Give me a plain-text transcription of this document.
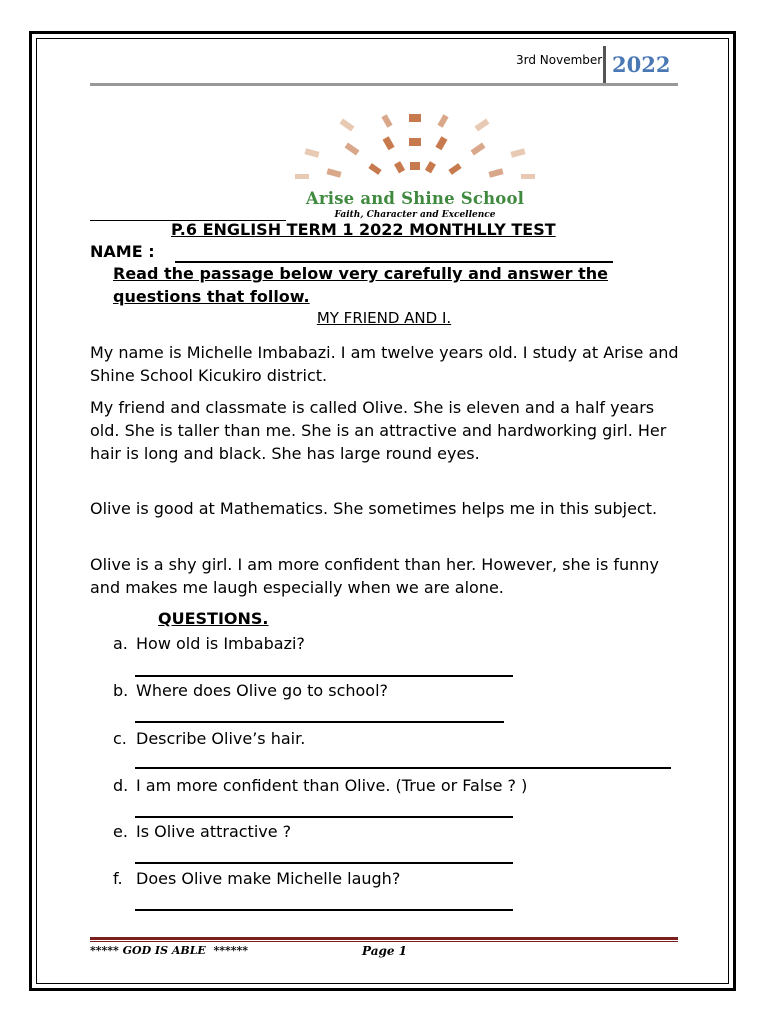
3rd November 2022
Arise and Shine School
Faith, Character and Excellence
P.6 ENGLISH TERM 1 2022 MONTHLLY TEST
NAME :
Read the passage below very carefully and answer the questions that follow.
MY FRIEND AND I.

My name is Michelle Imbabazi. I am twelve years old. I study at Arise and Shine School Kicukiro district.

My friend and classmate is called Olive. She is eleven and a half years old. She is taller than me. She is an attractive and hardworking girl. Her hair is long and black. She has large round eyes.

Olive is good at Mathematics. She sometimes helps me in this subject.

Olive is a shy girl. I am more confident than her. However, she is funny and makes me laugh especially when we are alone.

QUESTIONS.
a. How old is Imbabazi?
b. Where does Olive go to school?
c. Describe Olive’s hair.
d. I am more confident than Olive. (True or False ? )
e. Is Olive attractive ?
f. Does Olive make Michelle laugh?
***** GOD IS ABLE  ******	Page 1
